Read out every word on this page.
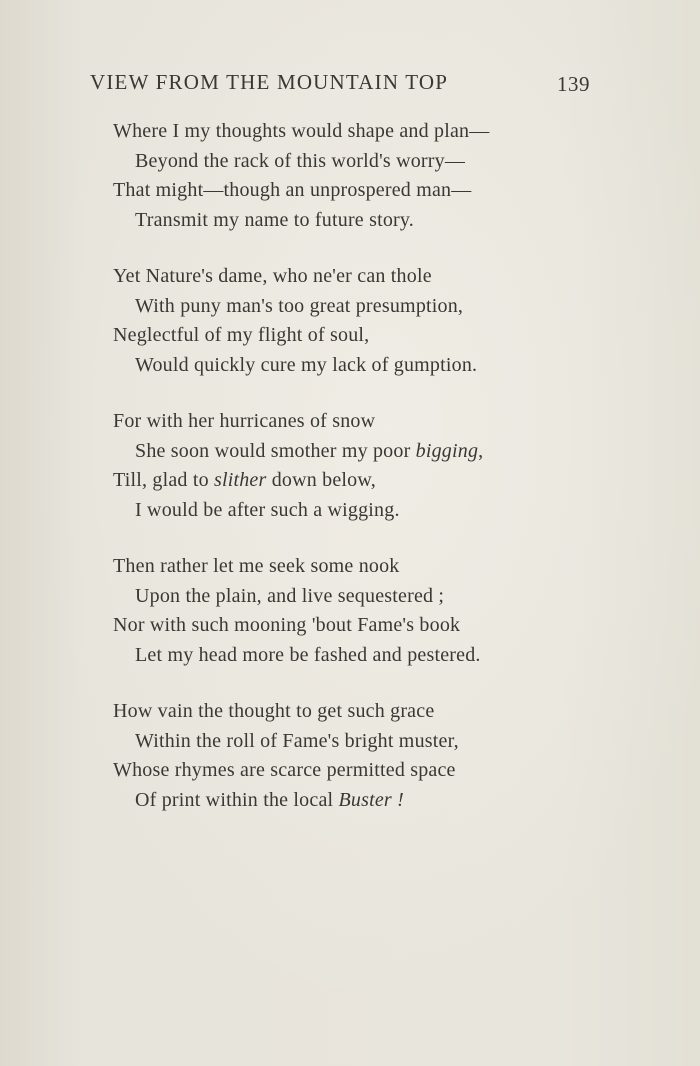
VIEW FROM THE MOUNTAIN TOP	139
Where I my thoughts would shape and plan—
Beyond the rack of this world's worry—
That might—though an unprospered man—
Transmit my name to future story.
Yet Nature's dame, who ne'er can thole
With puny man's too great presumption,
Neglectful of my flight of soul,
Would quickly cure my lack of gumption.
For with her hurricanes of snow
She soon would smother my poor bigging,
Till, glad to slither down below,
I would be after such a wigging.
Then rather let me seek some nook
Upon the plain, and live sequestered ;
Nor with such mooning 'bout Fame's book
Let my head more be fashed and pestered.
How vain the thought to get such grace
Within the roll of Fame's bright muster,
Whose rhymes are scarce permitted space
Of print within the local Buster !
